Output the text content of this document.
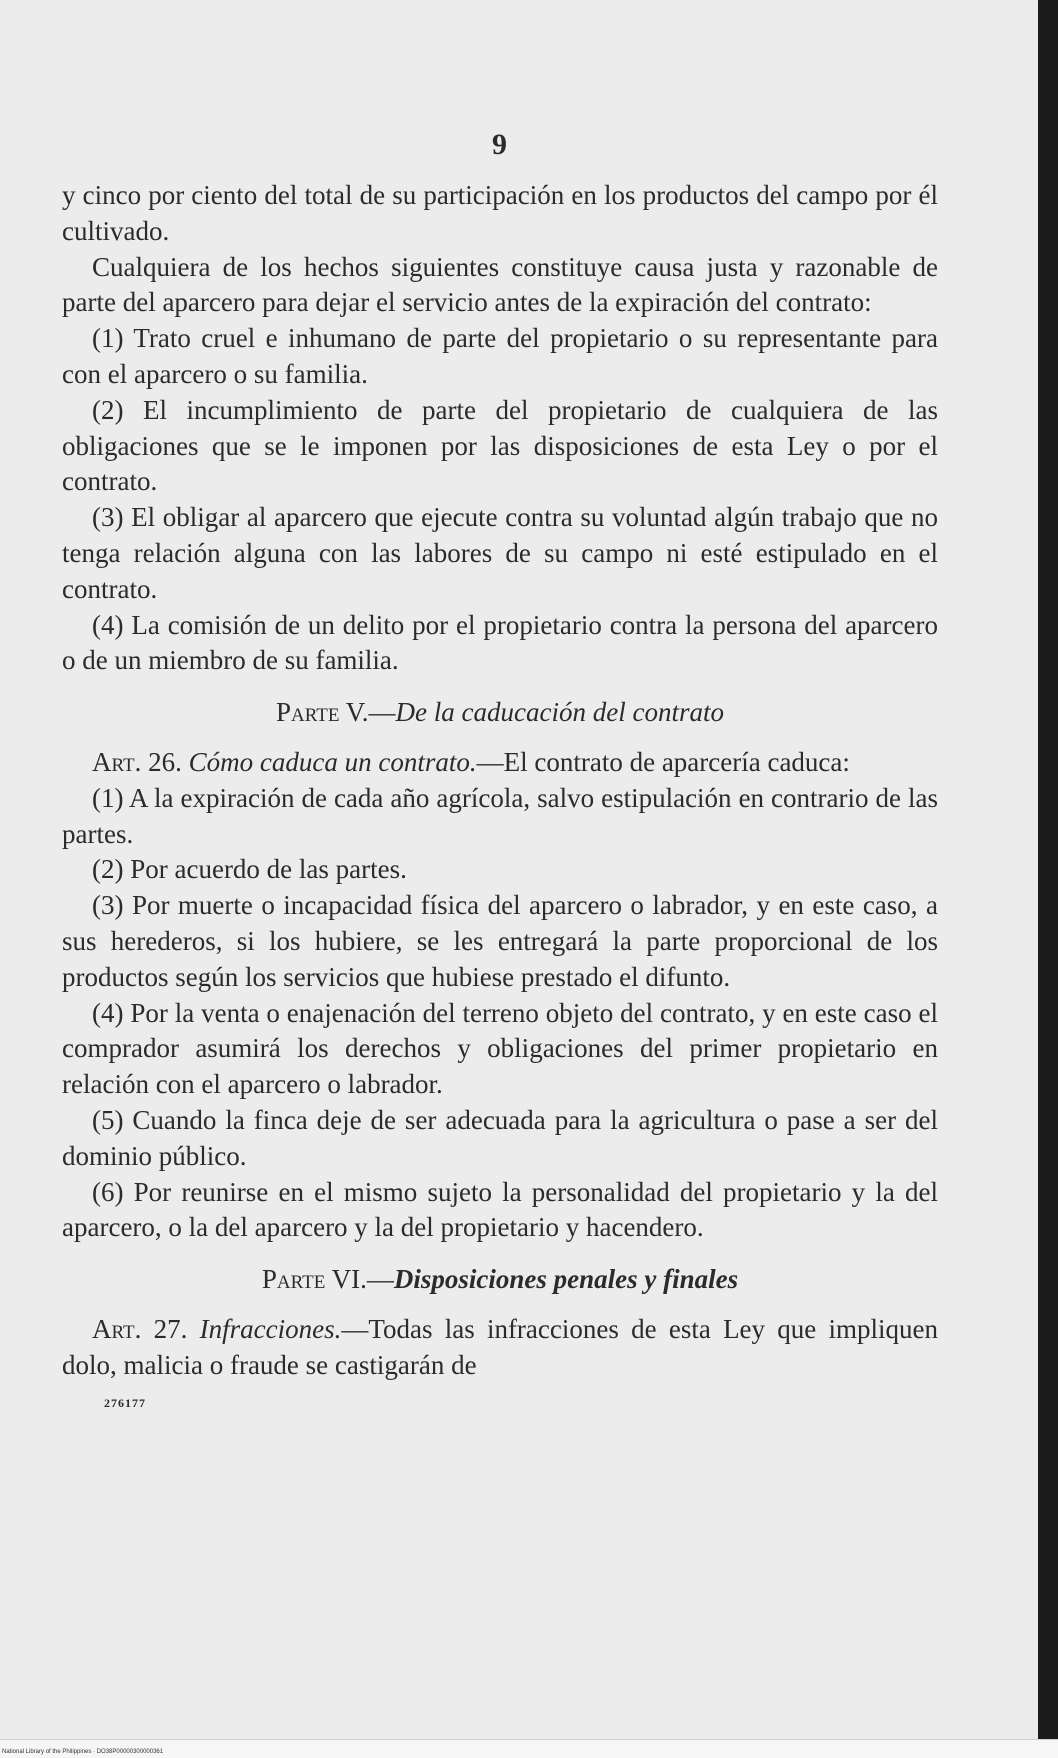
9

y cinco por ciento del total de su participación en los productos del campo por él cultivado.

Cualquiera de los hechos siguientes constituye causa justa y razonable de parte del aparcero para dejar el servicio antes de la expiración del contrato:

(1) Trato cruel e inhumano de parte del propietario o su representante para con el aparcero o su familia.

(2) El incumplimiento de parte del propietario de cualquiera de las obligaciones que se le imponen por las disposiciones de esta Ley o por el contrato.

(3) El obligar al aparcero que ejecute contra su voluntad algún trabajo que no tenga relación alguna con las labores de su campo ni esté estipulado en el contrato.

(4) La comisión de un delito por el propietario contra la persona del aparcero o de un miembro de su familia.

Parte V.—De la caducación del contrato

Art. 26. Cómo caduca un contrato.—El contrato de aparcería caduca:

(1) A la expiración de cada año agrícola, salvo estipulación en contrario de las partes.

(2) Por acuerdo de las partes.

(3) Por muerte o incapacidad física del aparcero o labrador, y en este caso, a sus herederos, si los hubiere, se les entregará la parte proporcional de los productos según los servicios que hubiese prestado el difunto.

(4) Por la venta o enajenación del terreno objeto del contrato, y en este caso el comprador asumirá los derechos y obligaciones del primer propietario en relación con el aparcero o labrador.

(5) Cuando la finca deje de ser adecuada para la agricultura o pase a ser del dominio público.

(6) Por reunirse en el mismo sujeto la personalidad del propietario y la del aparcero, o la del aparcero y la del propietario y hacendero.

Parte VI.—Disposiciones penales y finales

Art. 27. Infracciones.—Todas las infracciones de esta Ley que impliquen dolo, malicia o fraude se castigarán de

276177
National Library of the Philippines · DO38P00000300000361
